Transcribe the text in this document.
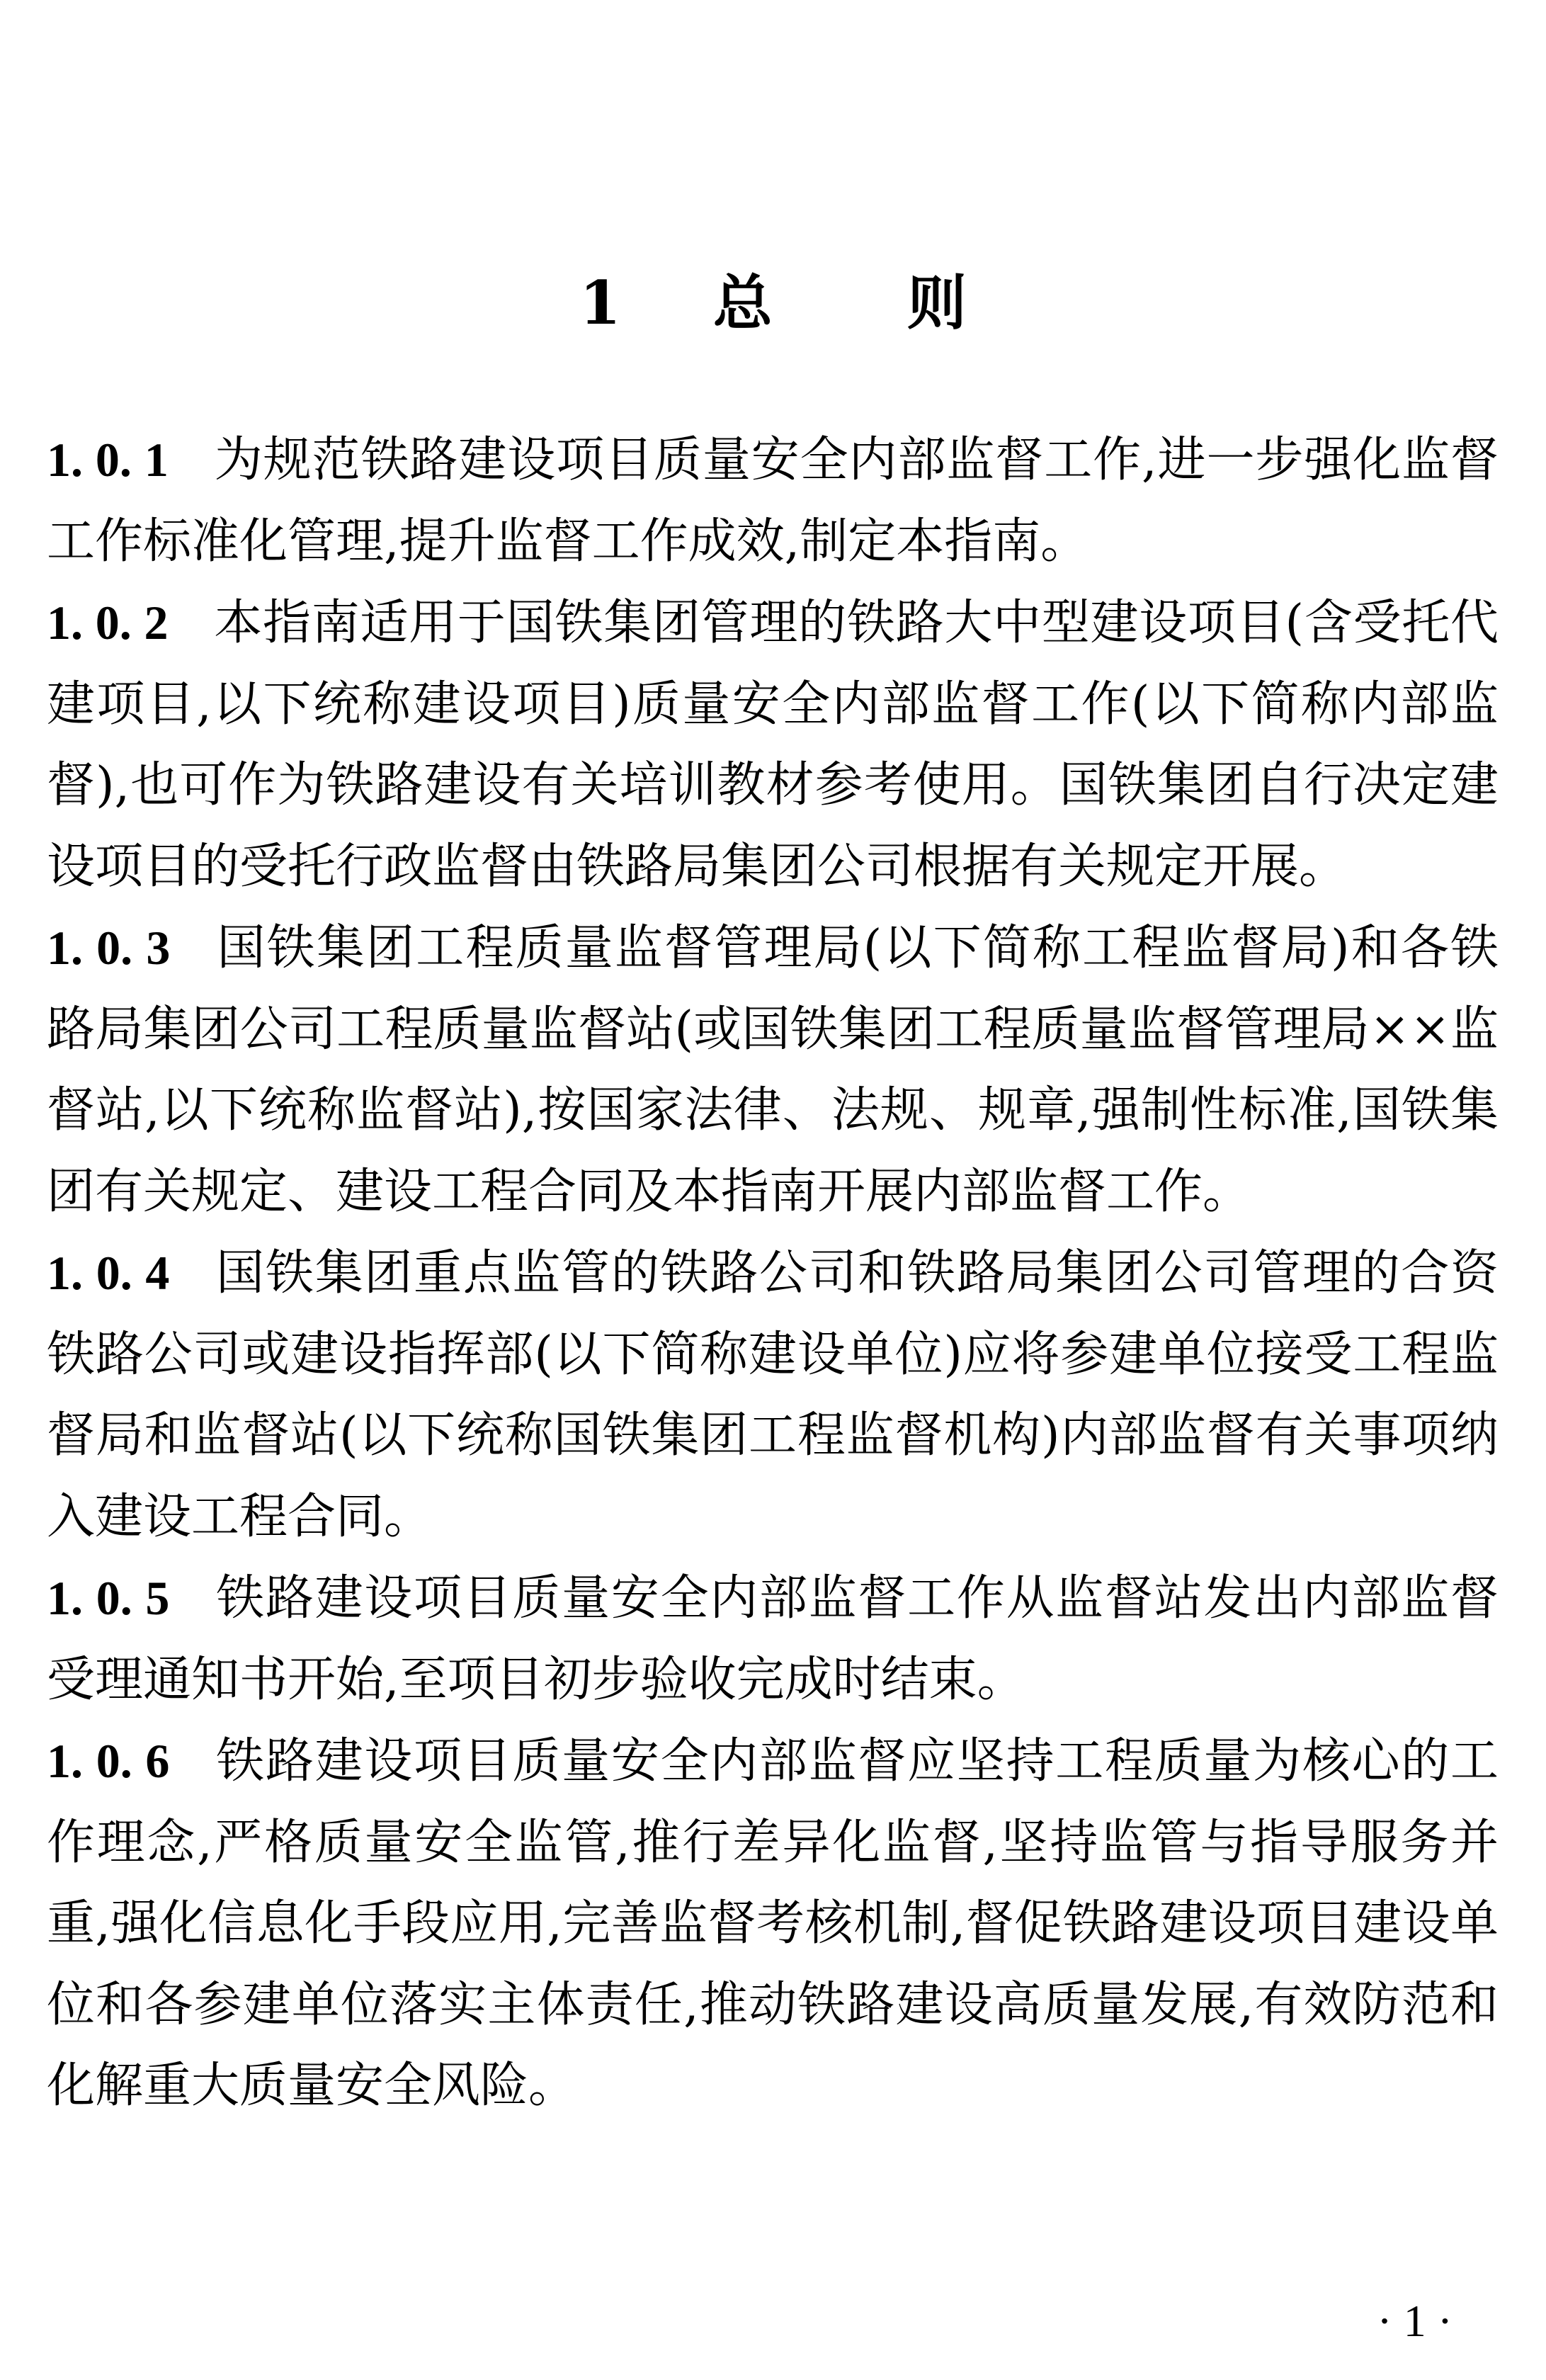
1 总 则

1. 0. 1 为规范铁路建设项目质量安全内部监督工作,进一步强化监督工作标准化管理,提升监督工作成效,制定本指南。

1. 0. 2 本指南适用于国铁集团管理的铁路大中型建设项目(含受托代建项目,以下统称建设项目)质量安全内部监督工作(以下简称内部监督),也可作为铁路建设有关培训教材参考使用。国铁集团自行决定建设项目的受托行政监督由铁路局集团公司根据有关规定开展。

1. 0. 3 国铁集团工程质量监督管理局(以下简称工程监督局)和各铁路局集团公司工程质量监督站(或国铁集团工程质量监督管理局××监督站,以下统称监督站),按国家法律、法规、规章,强制性标准,国铁集团有关规定、建设工程合同及本指南开展内部监督工作。

1. 0. 4 国铁集团重点监管的铁路公司和铁路局集团公司管理的合资铁路公司或建设指挥部(以下简称建设单位)应将参建单位接受工程监督局和监督站(以下统称国铁集团工程监督机构)内部监督有关事项纳入建设工程合同。

1. 0. 5 铁路建设项目质量安全内部监督工作从监督站发出内部监督受理通知书开始,至项目初步验收完成时结束。

1. 0. 6 铁路建设项目质量安全内部监督应坚持工程质量为核心的工作理念,严格质量安全监管,推行差异化监督,坚持监管与指导服务并重,强化信息化手段应用,完善监督考核机制,督促铁路建设项目建设单位和各参建单位落实主体责任,推动铁路建设高质量发展,有效防范和化解重大质量安全风险。

· 1 ·
